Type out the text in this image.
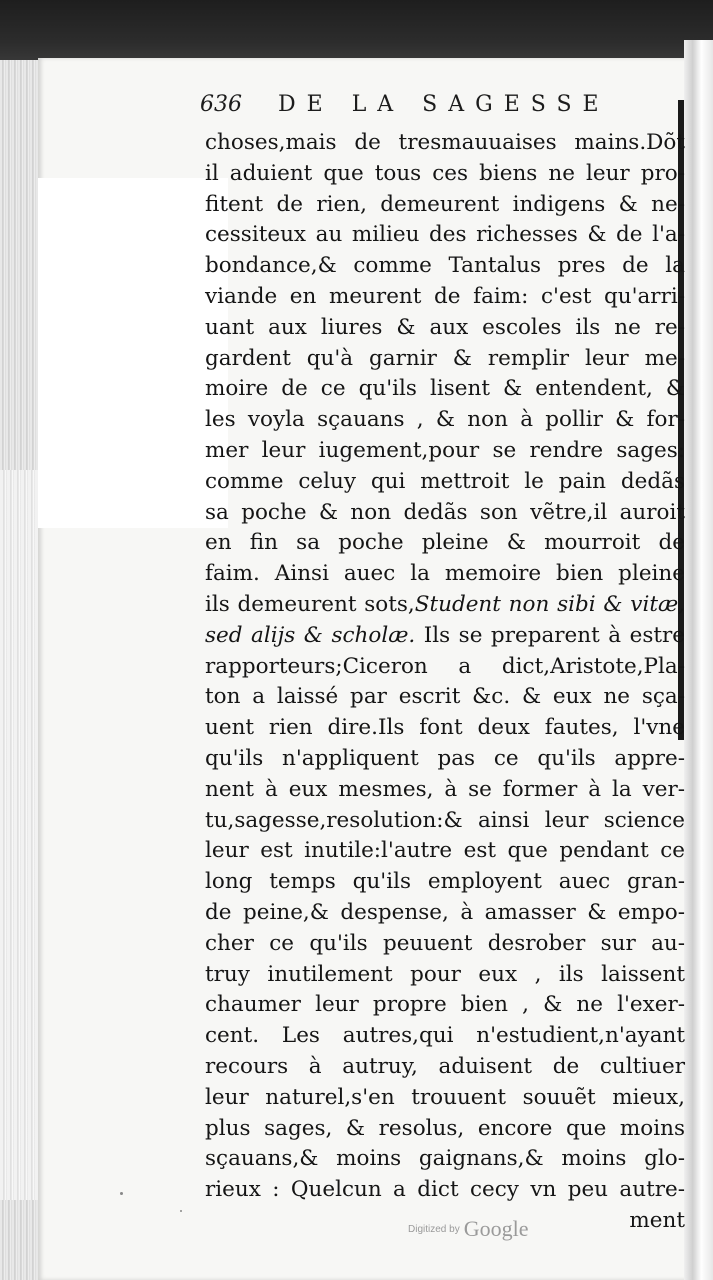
636 DE LA SAGESSE
choses,mais de tresmauuaises mains.Dõt
il aduient que tous ces biens ne leur pro-
fitent de rien, demeurent indigens & ne-
cessiteux au milieu des richesses & de l'a-
bondance,& comme Tantalus pres de la
viande en meurent de faim: c'est qu'arri-
uant aux liures & aux escoles ils ne re-
gardent qu'à garnir & remplir leur me-
moire de ce qu'ils lisent & entendent, &
les voyla sçauans , & non à pollir & for-
mer leur iugement,pour se rendre sages:
comme celuy qui mettroit le pain dedãs
sa poche & non dedãs son vẽtre,il auroit
en fin sa poche pleine & mourroit de
faim. Ainsi auec la memoire bien pleine
ils demeurent sots,Student non sibi & vitæ,
sed alijs & scholæ. Ils se preparent à estre
rapporteurs;Ciceron a dict,Aristote,Pla-
ton a laissé par escrit &c. & eux ne sça-
uent rien dire.Ils font deux fautes, l'vne
qu'ils n'appliquent pas ce qu'ils appre-
nent à eux mesmes, à se former à la ver-
tu,sagesse,resolution:& ainsi leur science
leur est inutile:l'autre est que pendant ce
long temps qu'ils employent auec gran-
de peine,& despense, à amasser & empo-
cher ce qu'ils peuuent desrober sur au-
truy inutilement pour eux , ils laissent
chaumer leur propre bien , & ne l'exer-
cent. Les autres,qui n'estudient,n'ayant
recours à autruy, aduisent de cultiuer
leur naturel,s'en trouuent souuẽt mieux,
plus sages, & resolus, encore que moins
sçauans,& moins gaignans,& moins glo-
rieux : Quelcun a dict cecy vn peu autre-
ment
Digitized by Google
